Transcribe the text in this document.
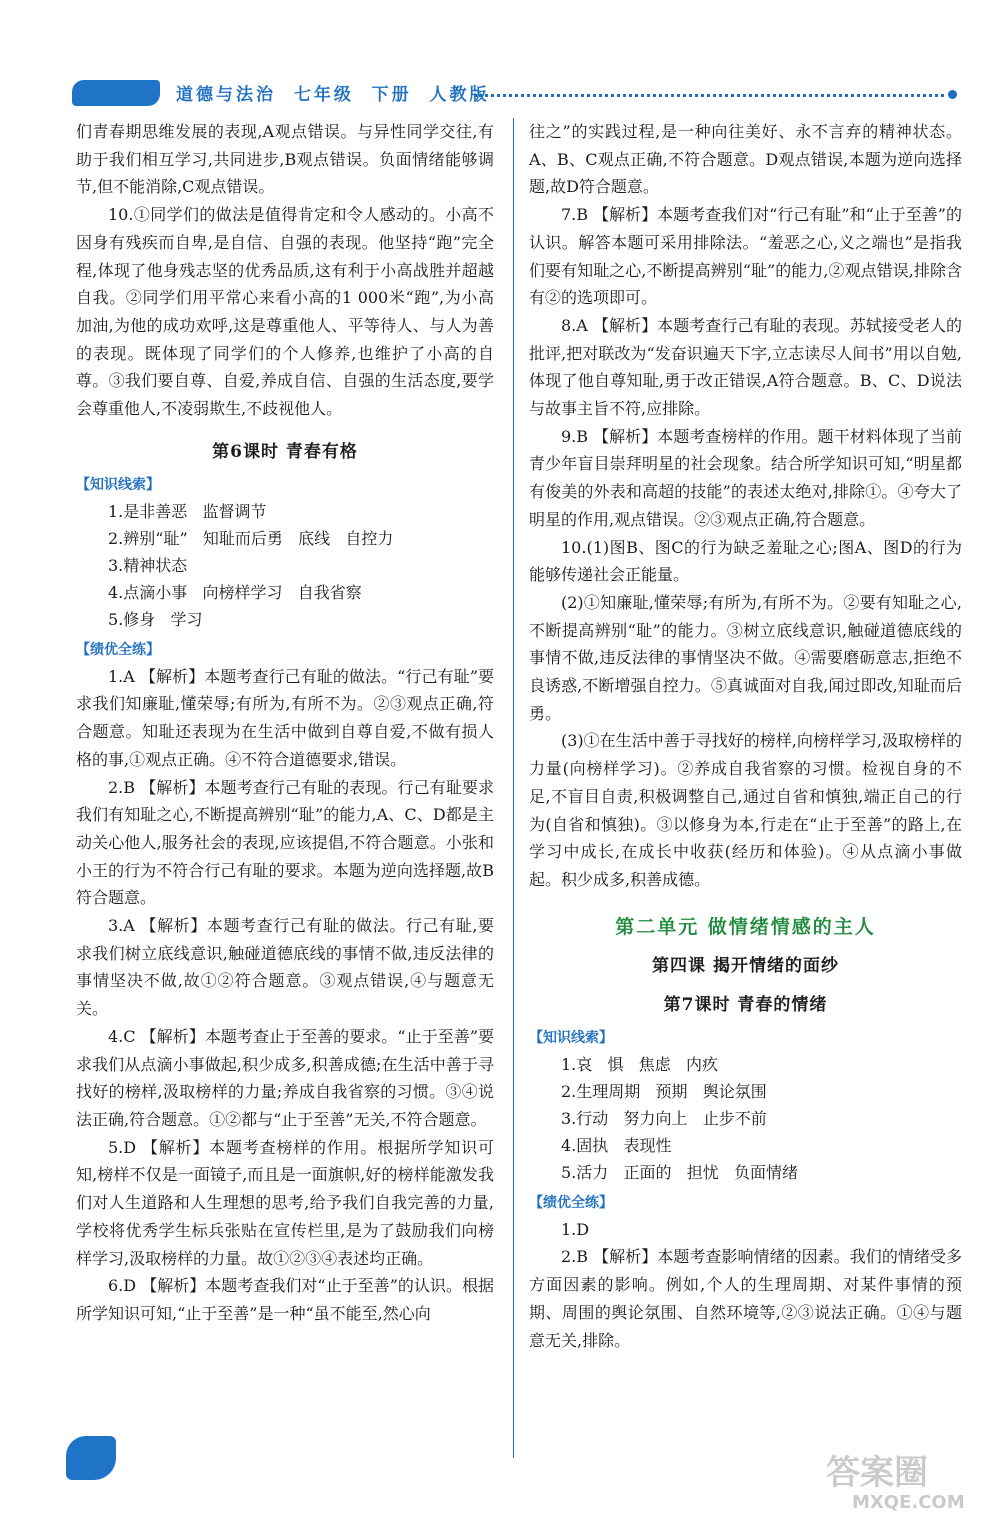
道德与法治  七年级  下册  人教版

们青春期思维发展的表现,A观点错误。与异性同学交往,有助于我们相互学习,共同进步,B观点错误。负面情绪能够调节,但不能消除,C观点错误。

10.①同学们的做法是值得肯定和令人感动的。小高不因身有残疾而自卑,是自信、自强的表现。他坚持“跑”完全程,体现了他身残志坚的优秀品质,这有利于小高战胜并超越自我。②同学们用平常心来看小高的1 000米“跑”,为小高加油,为他的成功欢呼,这是尊重他人、平等待人、与人为善的表现。既体现了同学们的个人修养,也维护了小高的自尊。③我们要自尊、自爱,养成自信、自强的生活态度,要学会尊重他人,不凌弱欺生,不歧视他人。

第6课时 青春有格
【知识线索】

1.是非善恶   监督调节

2.辨别“耻”   知耻而后勇   底线   自控力

3.精神状态

4.点滴小事   向榜样学习   自我省察

5.修身   学习

【绩优全练】

1.A 【解析】本题考查行己有耻的做法。“行己有耻”要求我们知廉耻,懂荣辱;有所为,有所不为。②③观点正确,符合题意。知耻还表现为在生活中做到自尊自爱,不做有损人格的事,①观点正确。④不符合道德要求,错误。

2.B 【解析】本题考查行己有耻的表现。行己有耻要求我们有知耻之心,不断提高辨别“耻”的能力,A、C、D都是主动关心他人,服务社会的表现,应该提倡,不符合题意。小张和小王的行为不符合行己有耻的要求。本题为逆向选择题,故B符合题意。

3.A 【解析】本题考查行己有耻的做法。行己有耻,要求我们树立底线意识,触碰道德底线的事情不做,违反法律的事情坚决不做,故①②符合题意。③观点错误,④与题意无关。

4.C 【解析】本题考查止于至善的要求。“止于至善”要求我们从点滴小事做起,积少成多,积善成德;在生活中善于寻找好的榜样,汲取榜样的力量;养成自我省察的习惯。③④说法正确,符合题意。①②都与“止于至善”无关,不符合题意。

5.D 【解析】本题考查榜样的作用。根据所学知识可知,榜样不仅是一面镜子,而且是一面旗帜,好的榜样能激发我们对人生道路和人生理想的思考,给予我们自我完善的力量,学校将优秀学生标兵张贴在宣传栏里,是为了鼓励我们向榜样学习,汲取榜样的力量。故①②③④表述均正确。

6.D 【解析】本题考查我们对“止于至善”的认识。根据所学知识可知,“止于至善”是一种“虽不能至,然心向

往之”的实践过程,是一种向往美好、永不言弃的精神状态。A、B、C观点正确,不符合题意。D观点错误,本题为逆向选择题,故D符合题意。

7.B 【解析】本题考查我们对“行己有耻”和“止于至善”的认识。解答本题可采用排除法。“羞恶之心,义之端也”是指我们要有知耻之心,不断提高辨别“耻”的能力,②观点错误,排除含有②的选项即可。

8.A 【解析】本题考查行己有耻的表现。苏轼接受老人的批评,把对联改为“发奋识遍天下字,立志读尽人间书”用以自勉,体现了他自尊知耻,勇于改正错误,A符合题意。B、C、D说法与故事主旨不符,应排除。

9.B 【解析】本题考查榜样的作用。题干材料体现了当前青少年盲目崇拜明星的社会现象。结合所学知识可知,“明星都有俊美的外表和高超的技能”的表述太绝对,排除①。④夸大了明星的作用,观点错误。②③观点正确,符合题意。

10.(1)图B、图C的行为缺乏羞耻之心;图A、图D的行为能够传递社会正能量。

(2)①知廉耻,懂荣辱;有所为,有所不为。②要有知耻之心,不断提高辨别“耻”的能力。③树立底线意识,触碰道德底线的事情不做,违反法律的事情坚决不做。④需要磨砺意志,拒绝不良诱惑,不断增强自控力。⑤真诚面对自我,闻过即改,知耻而后勇。

(3)①在生活中善于寻找好的榜样,向榜样学习,汲取榜样的力量(向榜样学习)。②养成自我省察的习惯。检视自身的不足,不盲目自责,积极调整自己,通过自省和慎独,端正自己的行为(自省和慎独)。③以修身为本,行走在“止于至善”的路上,在学习中成长,在成长中收获(经历和体验)。④从点滴小事做起。积少成多,积善成德。

第二单元 做情绪情感的主人
第四课 揭开情绪的面纱
第7课时 青春的情绪
【知识线索】

1.哀   惧   焦虑   内疚

2.生理周期   预期   舆论氛围

3.行动   努力向上   止步不前

4.固执   表现性

5.活力   正面的   担忧   负面情绪

【绩优全练】

1.D

2.B 【解析】本题考查影响情绪的因素。我们的情绪受多方面因素的影响。例如,个人的生理周期、对某件事情的预期、周围的舆论氛围、自然环境等,②③说法正确。①④与题意无关,排除。

答案圈
MXQE.COM
